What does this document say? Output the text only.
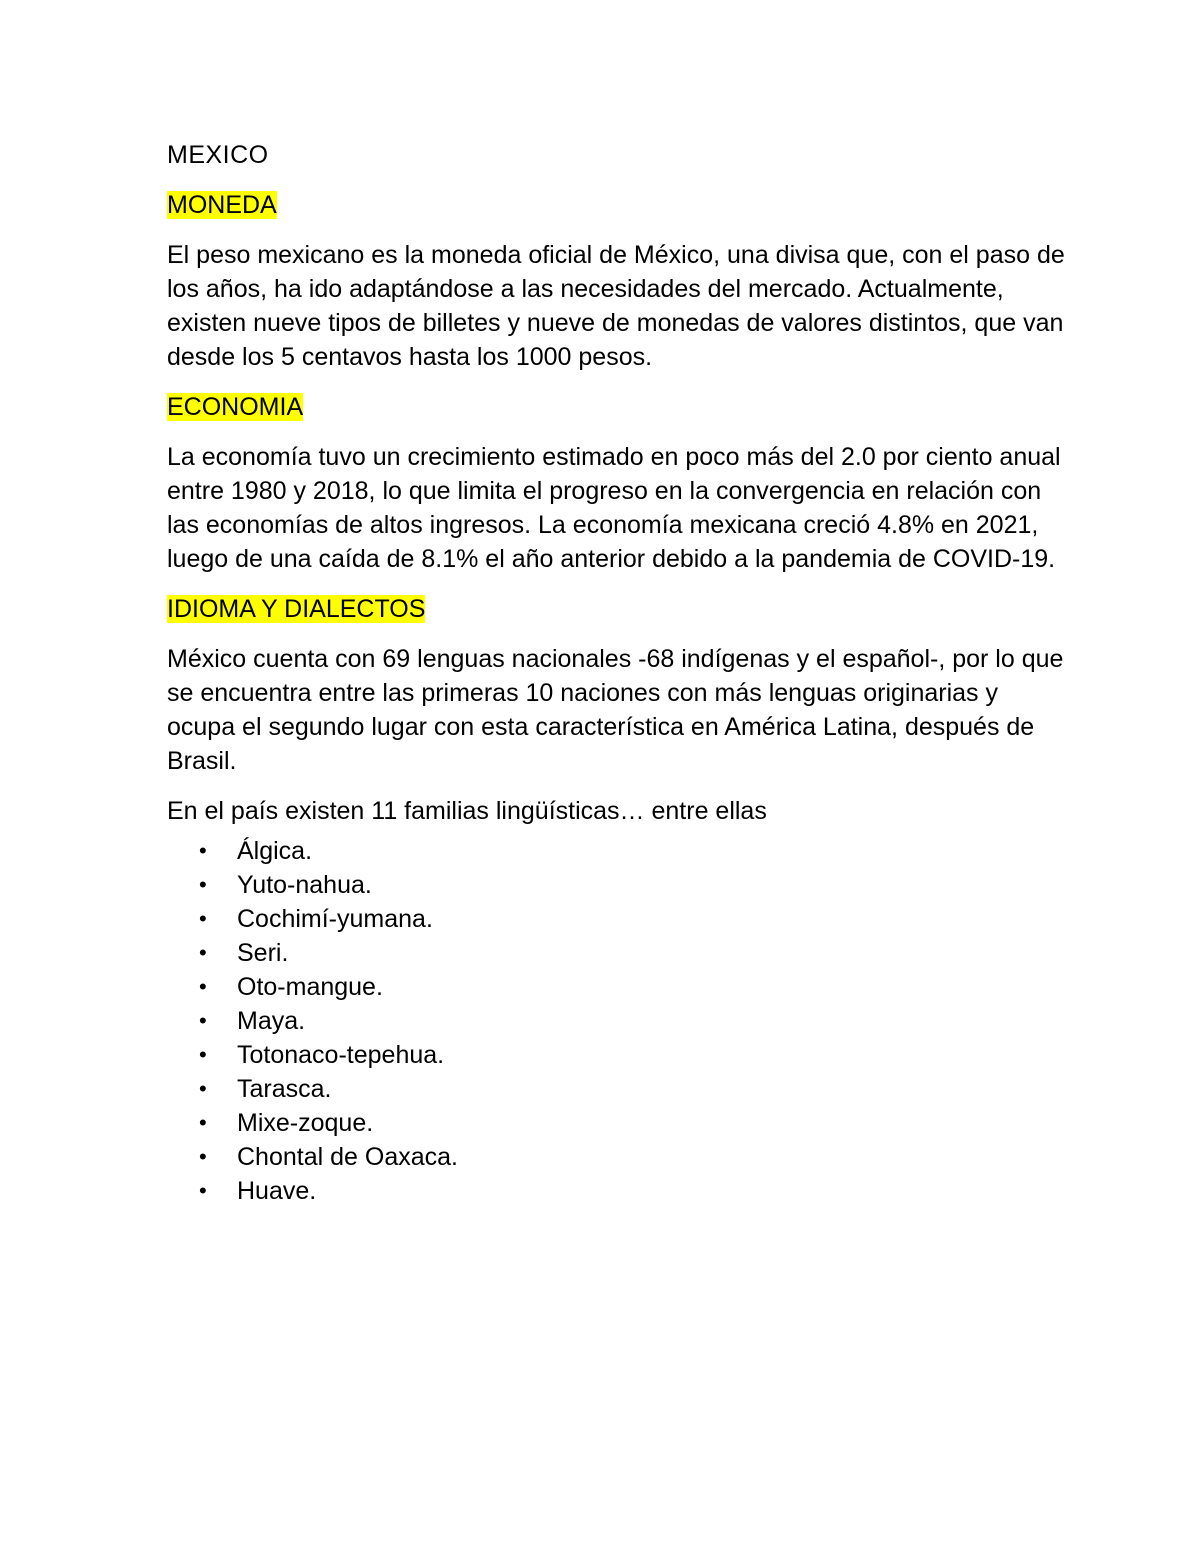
MEXICO
MONEDA
El peso mexicano es la moneda oficial de México, una divisa que, con el paso de los años, ha ido adaptándose a las necesidades del mercado. Actualmente, existen nueve tipos de billetes y nueve de monedas de valores distintos, que van desde los 5 centavos hasta los 1000 pesos.
ECONOMIA
La economía tuvo un crecimiento estimado en poco más del 2.0 por ciento anual entre 1980 y 2018, lo que limita el progreso en la convergencia en relación con las economías de altos ingresos. La economía mexicana creció 4.8% en 2021, luego de una caída de 8.1% el año anterior debido a la pandemia de COVID-19.
IDIOMA Y DIALECTOS
México cuenta con 69 lenguas nacionales -68 indígenas y el español-, por lo que se encuentra entre las primeras 10 naciones con más lenguas originarias y ocupa el segundo lugar con esta característica en América Latina, después de Brasil.
En el país existen 11 familias lingüísticas… entre ellas
• Álgica.
• Yuto-nahua.
• Cochimí-yumana.
• Seri.
• Oto-mangue.
• Maya.
• Totonaco-tepehua.
• Tarasca.
• Mixe-zoque.
• Chontal de Oaxaca.
• Huave.
